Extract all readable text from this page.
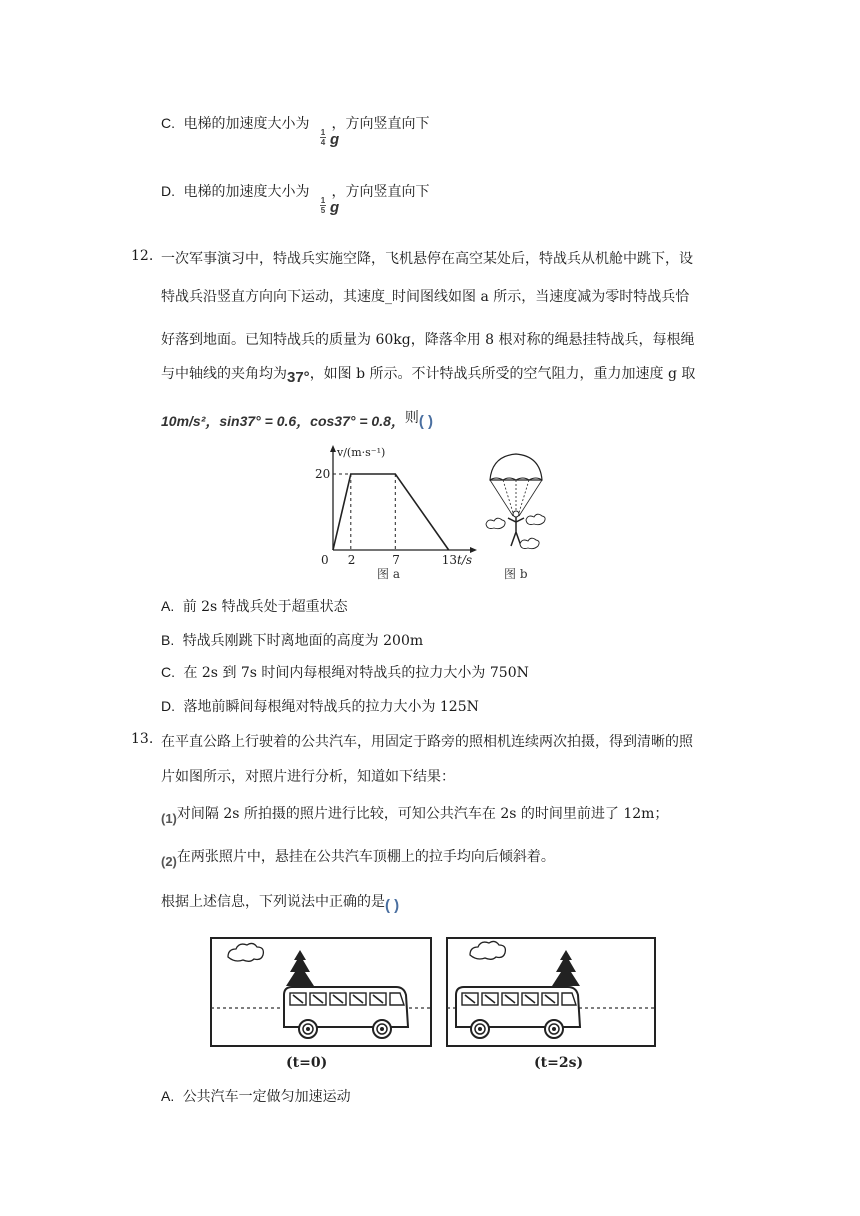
C. 电梯的加速度大小为 ，方向竖直向下
1
4 g
D. 电梯的加速度大小为 ，方向竖直向下
1
5 g
12. 一次军事演习中，特战兵实施空降，飞机悬停在高空某处后，特战兵从机舱中跳下，设
特战兵沿竖直方向向下运动，其速度_时间图线如图 a 所示，当速度减为零时特战兵恰
好落到地面。已知特战兵的质量为 60kg，降落伞用 8 根对称的绳悬挂特战兵，每根绳
与中轴线的夹角均为37°，如图 b 所示。不计特战兵所受的空气阻力，重力加速度 g 取
10m/s²，sin37° = 0.6，cos37° = 0.8，则( )
v/(m·s⁻¹)
20
0 2	7	13 t/s
图 a	图 b
A. 前 2s 特战兵处于超重状态
B. 特战兵刚跳下时离地面的高度为 200m
C. 在 2s 到 7s 时间内每根绳对特战兵的拉力大小为 750N
D. 落地前瞬间每根绳对特战兵的拉力大小为 125N
13. 在平直公路上行驶着的公共汽车，用固定于路旁的照相机连续两次拍摄，得到清晰的照
片如图所示，对照片进行分析，知道如下结果：
(1)对间隔 2s 所拍摄的照片进行比较，可知公共汽车在 2s 的时间里前进了 12m；
(2)在两张照片中，悬挂在公共汽车顶棚上的拉手均向后倾斜着。
根据上述信息，下列说法中正确的是( )
(t=0)	(t=2s)
A. 公共汽车一定做匀加速运动
